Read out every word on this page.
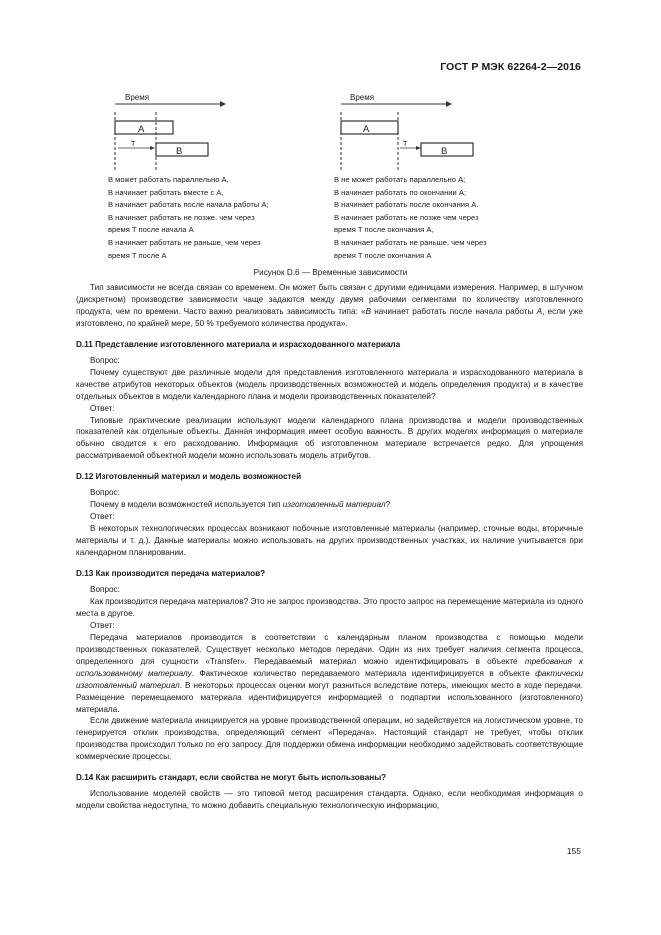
ГОСТ Р МЭК 62264-2—2016
Время
A
B
T
Время
A
B
T
B может работать параллельно A,
B начинает работать вместе с A,
B начинает работать после начала работы A;
B начинает работать не позже. чем через
время T после начала A
B начинает работать не раньше, чем через
время T после A
B не может работать параллельно A;
B начинает работать по окончании A;
B начинает работать после окончания A.
B начинает работать не позже чем через
время T после окончания A,
B начинает работать не раньше, чем через
время T после окончания A
Рисунок D.6 — Временные зависимости

Тип зависимости не всегда связан со временем. Он может быть связан с другими единицами измерения. Например, в штучном (дискретном) производстве зависимости чаще задаются между двумя рабочими сегментами по количеству изготовленного продукта, чем по времени. Часто важно реализовать зависимость типа: «B начинает работать после начала работы A, если уже изготовлено, по крайней мере, 50 % требуемого количества продукта».

D.11 Представление изготовленного материала и израсходованного материала

Вопрос:

Почему существуют две различные модели для представления изготовленного материала и израсходованного материала в качестве атрибутов некоторых объектов (модель производственных возможностей и модель определения продукта) и в качестве отдельных объектов в модели календарного плана и модели производственных показателей?

Ответ:

Типовые практические реализации используют модели календарного плана производства и модели производственных показателей как отдельные объекты. Данная информация имеет особую важность. В других моделях информация о материале обычно сводится к его расходованию. Информация об изготовленном материале встречается редко. Для упрощения рассматриваемой объектной модели можно использовать модель атрибутов.

D.12 Изготовленный материал и модель возможностей

Вопрос:

Почему в модели возможностей используется тип изготовленный материал?

Ответ:

В некоторых технологических процессах возникают побочные изготовленные материалы (например, сточные воды, вторичные материалы и т. д.). Данные материалы можно использовать на других производственных участках, их наличие учитывается при календарном планировании.

D.13 Как производится передача материалов?

Вопрос:

Как производится передача материалов? Это не запрос производства. Это просто запрос на перемещение материала из одного места в другое.

Ответ:

Передача материалов производится в соответствии с календарным планом производства с помощью модели производственных показателей. Существует несколько методов передачи. Один из них требует наличия сегмента процесса, определенного для сущности «Transfer». Передаваемый материал можно идентифицировать в объекте требования к использованному материалу. Фактическое количество передаваемого материала идентифицируется в объекте фактически изготовленный материал. В некоторых процессах оценки могут разниться вследствие потерь, имеющих место в ходе передачи. Размещение перемещаемого материала идентифицируется информацией о подпартии использованного (изготовленного) материала.

Если движение материала инициируется на уровне производственной операции, но задействуется на логистическом уровне, то генерируется отклик производства, определяющий сегмент «Передача». Настоящий стандарт не требует, чтобы отклик производства происходил только по его запросу. Для поддержки обмена информации необходимо задействовать соответствующие коммерческие процессы.

D.14 Как расширить стандарт, если свойства не могут быть использованы?

Использование моделей свойств — это типовой метод расширения стандарта. Однако, если необходимая информация о модели свойства недоступна, то можно добавить специальную технологическую информацию,

155
